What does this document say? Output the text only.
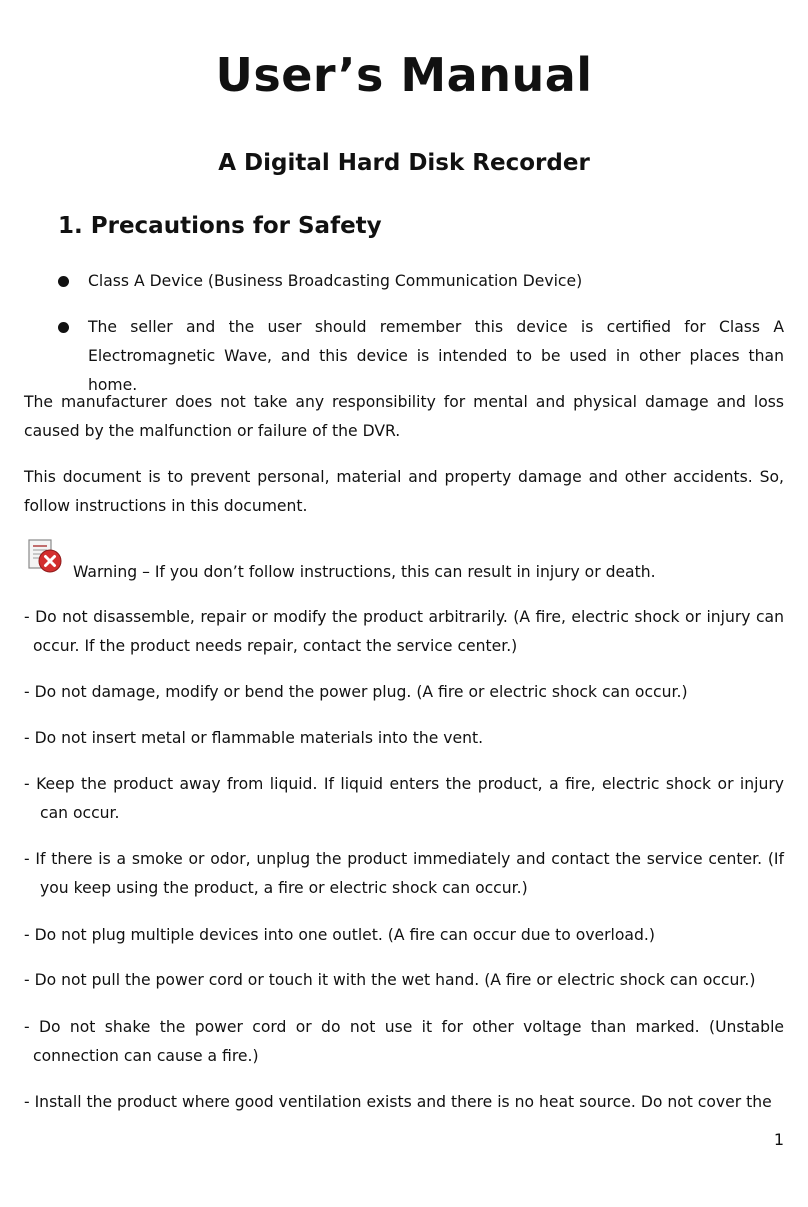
User’s Manual
A Digital Hard Disk Recorder
1. Precautions for Safety
Class A Device (Business Broadcasting Communication Device)
The seller and the user should remember this device is certified for Class A Electromagnetic Wave, and this device is intended to be used in other places than home.

The manufacturer does not take any responsibility for mental and physical damage and loss caused by the malfunction or failure of the DVR.

This document is to prevent personal, material and property damage and other accidents. So, follow instructions in this document.

Warning – If you don’t follow instructions, this can result in injury or death.
- Do not disassemble, repair or modify the product arbitrarily. (A fire, electric shock or injury can occur. If the product needs repair, contact the service center.)
- Do not damage, modify or bend the power plug. (A fire or electric shock can occur.)
- Do not insert metal or flammable materials into the vent.
- Keep the product away from liquid. If liquid enters the product, a fire, electric shock or injury can occur.
- If there is a smoke or odor, unplug the product immediately and contact the service center. (If you keep using the product, a fire or electric shock can occur.)
- Do not plug multiple devices into one outlet. (A fire can occur due to overload.)
- Do not pull the power cord or touch it with the wet hand. (A fire or electric shock can occur.)
- Do not shake the power cord or do not use it for other voltage than marked. (Unstable connection can cause a fire.)
- Install the product where good ventilation exists and there is no heat source. Do not cover the
1
